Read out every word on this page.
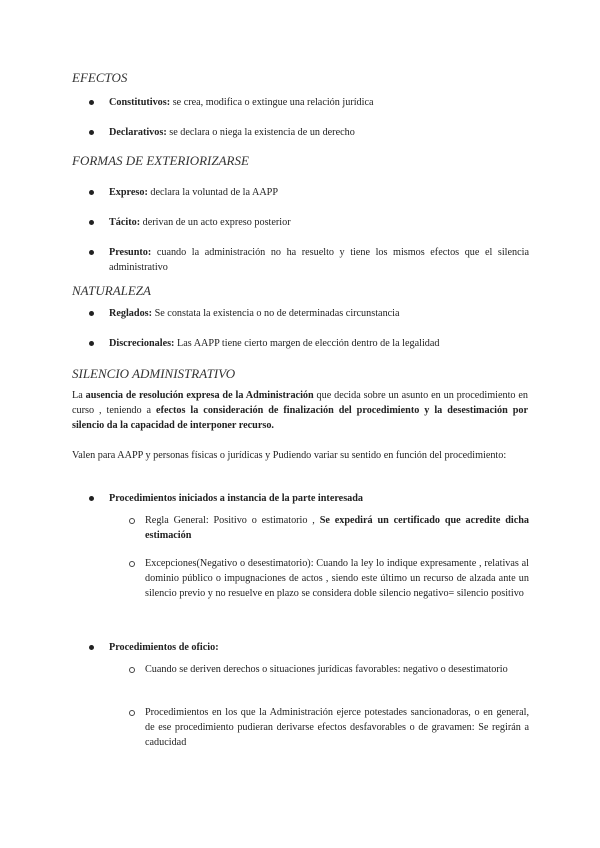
EFECTOS

Constitutivos: se crea, modifica o extingue una relación jurídica

Declarativos: se declara o niega la existencia de un derecho

FORMAS DE EXTERIORIZARSE

Expreso: declara la voluntad de la AAPP

Tácito: derivan de un acto expreso posterior

Presunto: cuando la administración no ha resuelto y tiene los mismos efectos que el silencia administrativo

NATURALEZA

Reglados: Se constata la existencia o no de determinadas circunstancia

Discrecionales: Las AAPP tiene cierto margen de elección dentro de la legalidad

SILENCIO ADMINISTRATIVO

La ausencia de resolución expresa de la Administración que decida sobre un asunto en un procedimiento en curso , teniendo a efectos la consideración de finalización del procedimiento y la desestimación por silencio da la capacidad de interponer recurso.

Valen para AAPP y personas físicas o jurídicas y Pudiendo variar su sentido en función del procedimiento:

Procedimientos iniciados a instancia de la parte interesada

Regla General: Positivo o estimatorio , Se expedirá un certificado que acredite dicha estimación

Excepciones(Negativo o desestimatorio): Cuando la ley lo indique expresamente , relativas al dominio público o impugnaciones de actos , siendo este último un recurso de alzada ante un silencio previo y no resuelve en plazo se considera doble silencio negativo= silencio positivo

Procedimientos de oficio:

Cuando se deriven derechos o situaciones jurídicas favorables: negativo o desestimatorio

Procedimientos en los que la Administración ejerce potestades sancionadoras, o en general, de ese procedimiento pudieran derivarse efectos desfavorables o de gravamen: Se regirán a caducidad
